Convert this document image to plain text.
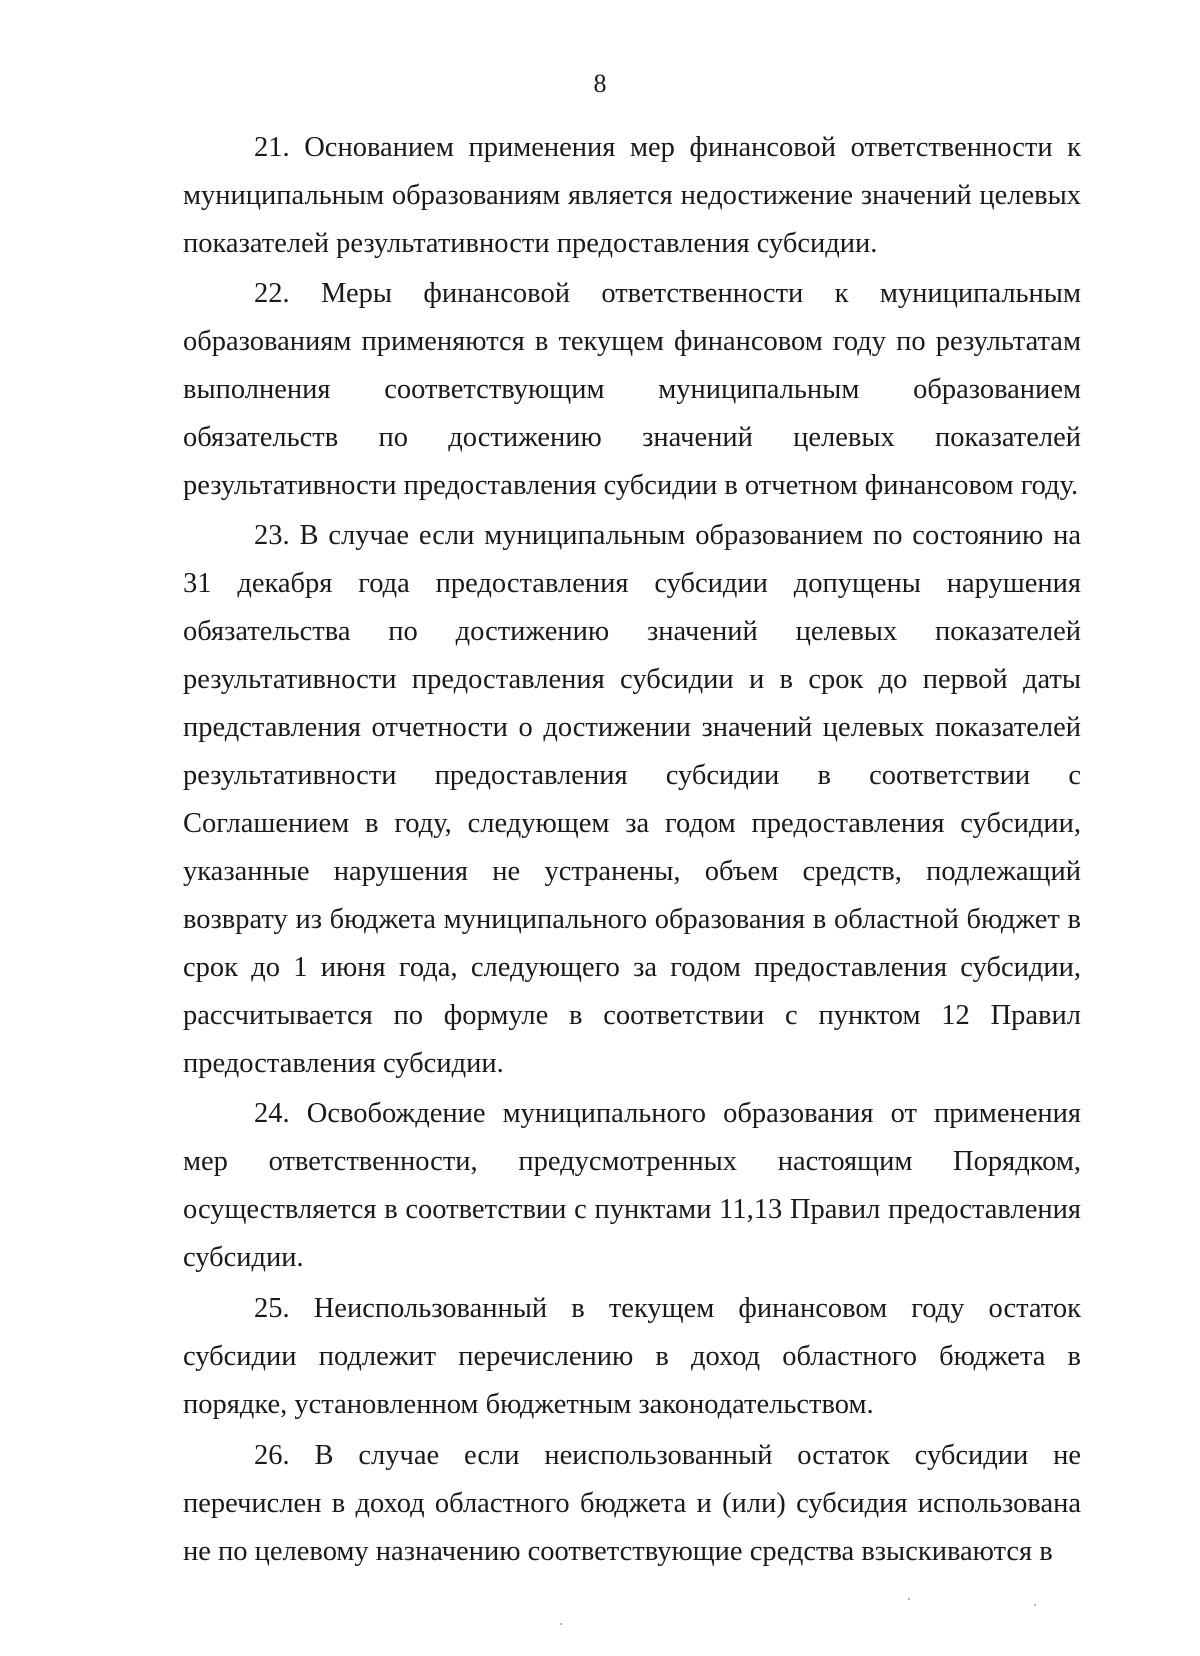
8

21. Основанием применения мер финансовой ответственности к муниципальным образованиям является недостижение значений целевых показателей результативности предоставления субсидии.

22. Меры финансовой ответственности к муниципальным образованиям применяются в текущем финансовом году по результатам выполнения соответствующим муниципальным образованием обязательств по достижению значений целевых показателей результативности предоставления субсидии в отчетном финансовом году.

23. В случае если муниципальным образованием по состоянию на 31 декабря года предоставления субсидии допущены нарушения обязательства по достижению значений целевых показателей результативности предоставления субсидии и в срок до первой даты представления отчетности о достижении значений целевых показателей результативности предоставления субсидии в соответствии с Соглашением в году, следующем за годом предоставления субсидии, указанные нарушения не устранены, объем средств, подлежащий возврату из бюджета муниципального образования в областной бюджет в срок до 1 июня года, следующего за годом предоставления субсидии, рассчитывается по формуле в соответствии с пунктом 12 Правил предоставления субсидии.

24. Освобождение муниципального образования от применения мер ответственности, предусмотренных настоящим Порядком, осуществляется в соответствии с пунктами 11,13 Правил предоставления субсидии.

25. Неиспользованный в текущем финансовом году остаток субсидии подлежит перечислению в доход областного бюджета в порядке, установленном бюджетным законодательством.

26. В случае если неиспользованный остаток субсидии не перечислен в доход областного бюджета и (или) субсидия использована не по целевому назначению соответствующие средства взыскиваются в
